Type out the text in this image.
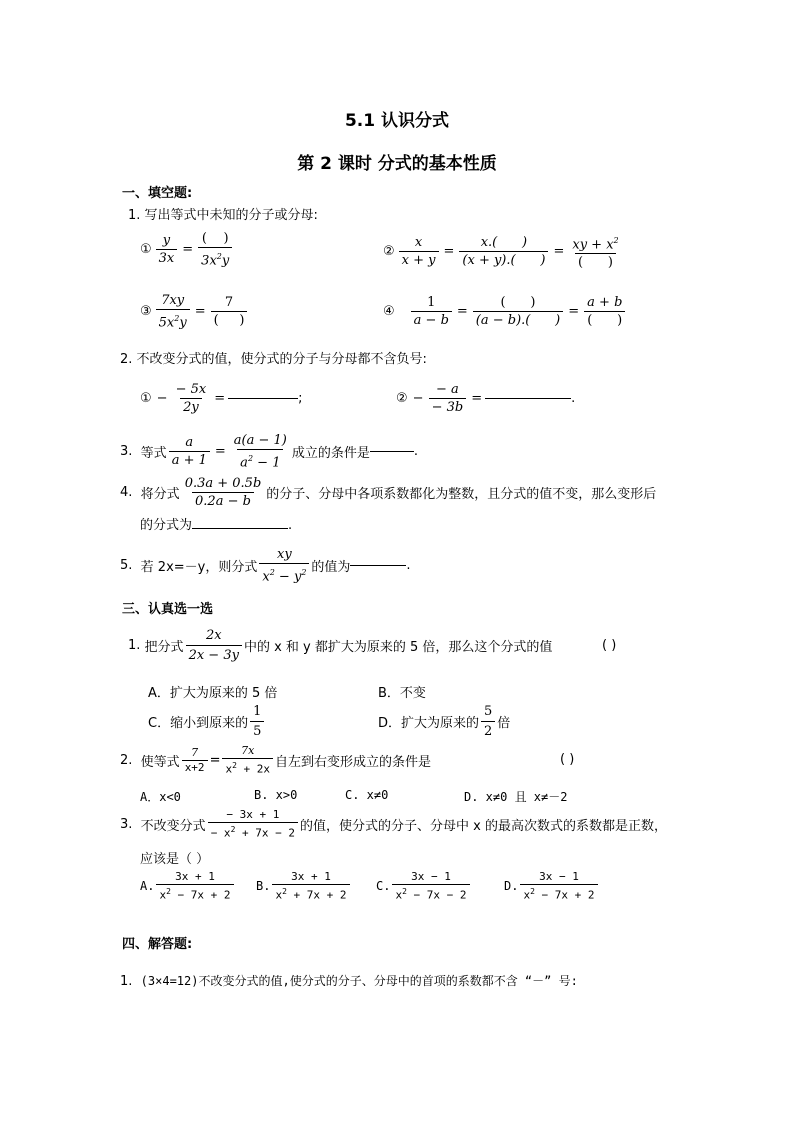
5.1 认识分式
第 2 课时 分式的基本性质
一、填空题:
1. 写出等式中未知的分子或分母:
① $\frac{y}{3x} = \frac{( )}{3x^2y}$	② $\frac{x}{x + y} = \frac{x.( )}{(x + y).( )} = \frac{xy + x^2}{( )}$
③ $\frac{7xy}{5x^2y} = \frac{7}{( )}$	④ $\frac{1}{a - b} = \frac{( )}{(a - b).( )} = \frac{a + b}{( )}$
2. 不改变分式的值，使分式的分子与分母都不含负号:
① − $\frac{- 5x}{2y}$ =	;	② − $\frac{- a}{- 3b}$ =	.
3.
等式 $\frac{a}{a + 1} = \frac{a(a - 1)}{a^2 - 1}$ 成立的条件是	.
4.
将分式 $\frac{0.3a + 0.5b}{0.2a - b}$ 的分子、分母中各项系数都化为整数，且分式的值不变，那么变形后
的分式为	.
5.
若 2x=－y，则分式 $\frac{xy}{x^2 - y^2}$ 的值为	.
三、认真选一选
1.
把分式 $\frac{2x}{2x - 3y}$ 中的 x 和 y 都扩大为原来的 5 倍，那么这个分式的值	( )
A．扩大为原来的 5 倍	B．不变
C．缩小到原来的 $\frac{1}{5}$	D．扩大为原来的 $\frac{5}{2}$ 倍
2.
使等式 $\frac{7}{x+2} = \frac{7x}{x^2 + 2x}$ 自左到右变形成立的条件是	( )
A．x<0	B. x>0	C. x≠0	D. x≠0 且 x≠－2
3.
不改变分式 $\frac{- 3x + 1}{- x^2 + 7x - 2}$ 的值，使分式的分子、分母中 x 的最高次数式的系数都是正数，
应该是（ ）
A. $\frac{3x + 1}{x^2 - 7x + 2} B$. $\frac{3x + 1}{x^2 + 7x + 2} C$. $\frac{3x - 1}{x^2 - 7x - 2}$	D. $\frac{3x - 1}{x^2 - 7x + 2}$
四、解答题:
1. (3×4=12)不改变分式的值,使分式的分子、分母中的首项的系数都不含 “－” 号:
